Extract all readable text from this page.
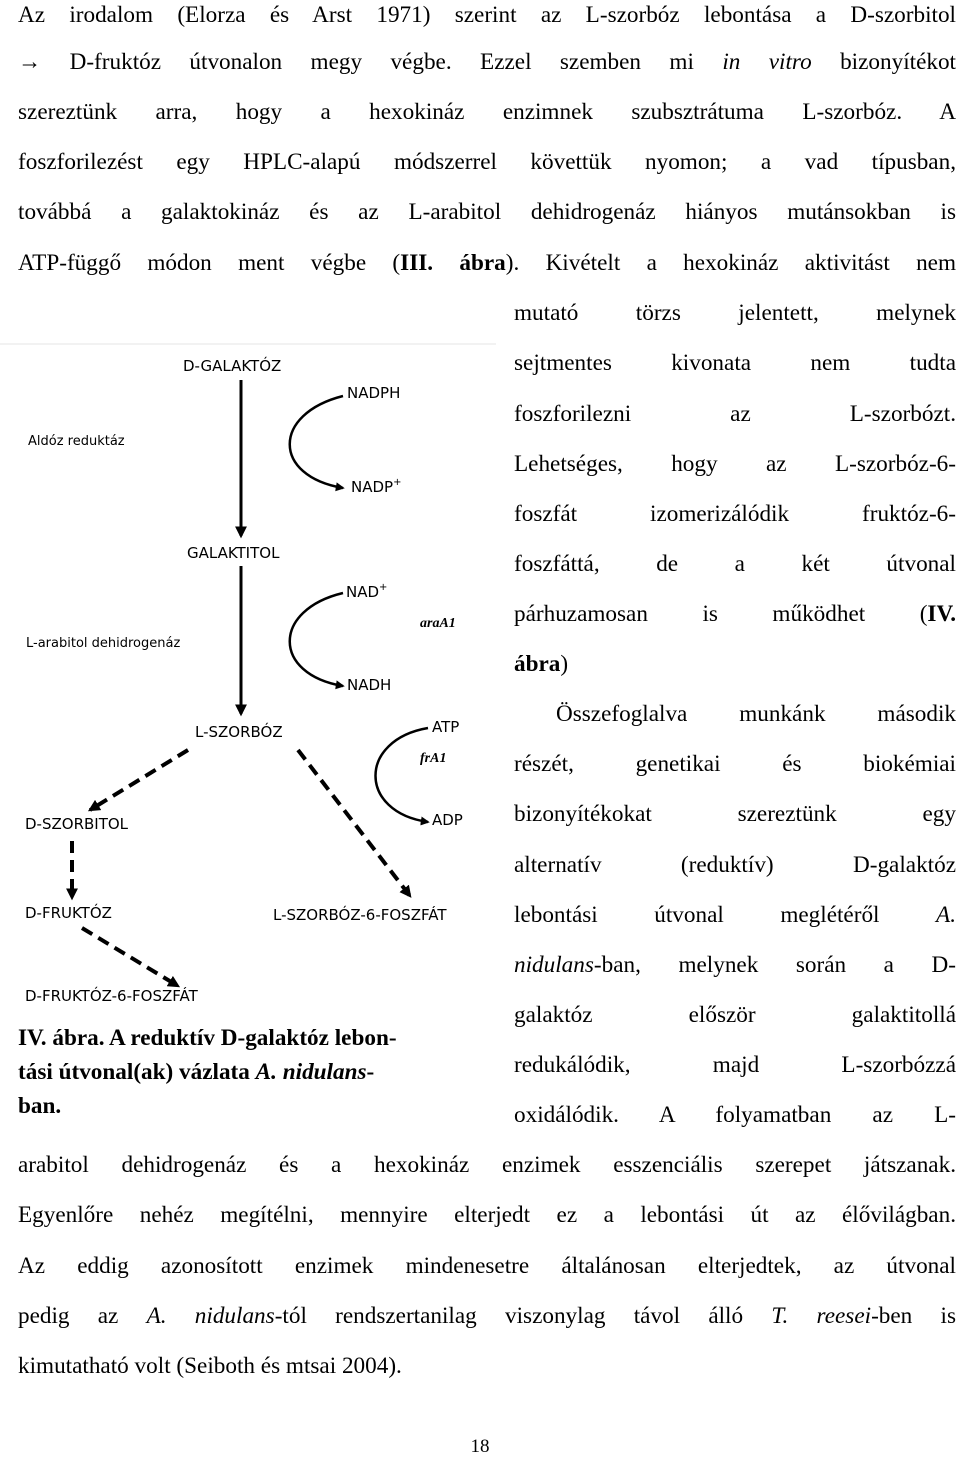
Az irodalom (Elorza és Arst 1971) szerint az L-szorbóz lebontása a D-szorbitol
→ D-fruktóz útvonalon megy végbe. Ezzel szemben mi in vitro bizonyítékot
szereztünk arra, hogy a hexokináz enzimnek szubsztrátuma L-szorbóz. A
foszforilezést egy HPLC-alapú módszerrel követtük nyomon; a vad típusban,
továbbá a galaktokináz és az L-arabitol dehidrogenáz hiányos mutánsokban is
ATP-függő módon ment végbe (III. ábra). Kivételt a hexokináz aktivitást nem
mutató törzs jelentett, melynek
sejtmentes kivonata nem tudta
foszforilezni az L-szorbózt.
Lehetséges, hogy az L-szorbóz-6-
foszfát izomerizálódik fruktóz-6-
foszfáttá, de a két útvonal
párhuzamosan is működhet (IV.
ábra)
Összefoglalva munkánk második
részét, genetikai és biokémiai
bizonyítékokat szereztünk egy
alternatív (reduktív) D-galaktóz
lebontási útvonal meglétéről A.
nidulans-ban, melynek során a D-
galaktóz először galaktitollá
redukálódik, majd L-szorbózzá
oxidálódik. A folyamatban az L-
arabitol dehidrogenáz és a hexokináz enzimek esszenciális szerepet játszanak.
Egyenlőre nehéz megítélni, mennyire elterjedt ez a lebontási út az élővilágban.
Az eddig azonosított enzimek mindenesetre általánosan elterjedtek, az útvonal
pedig az A. nidulans-tól rendszertanilag viszonylag távol álló T. reesei-ben is
kimutatható volt (Seiboth és mtsai 2004).
D-GALAKTÓZ
NADPH
Aldóz reduktáz
NADP+
GALAKTITOL
NAD+
araA1
L-arabitol dehidrogenáz
NADH
L-SZORBÓZ	ATP
frA1
ADP
D-SZORBITOL
D-FRUKTÓZ	L-SZORBÓZ-6-FOSZFÁT
D-FRUKTÓZ-6-FOSZFÁT
IV. ábra. A reduktív D-galaktóz lebon-
tási útvonal(ak) vázlata A. nidulans-
ban.
18
